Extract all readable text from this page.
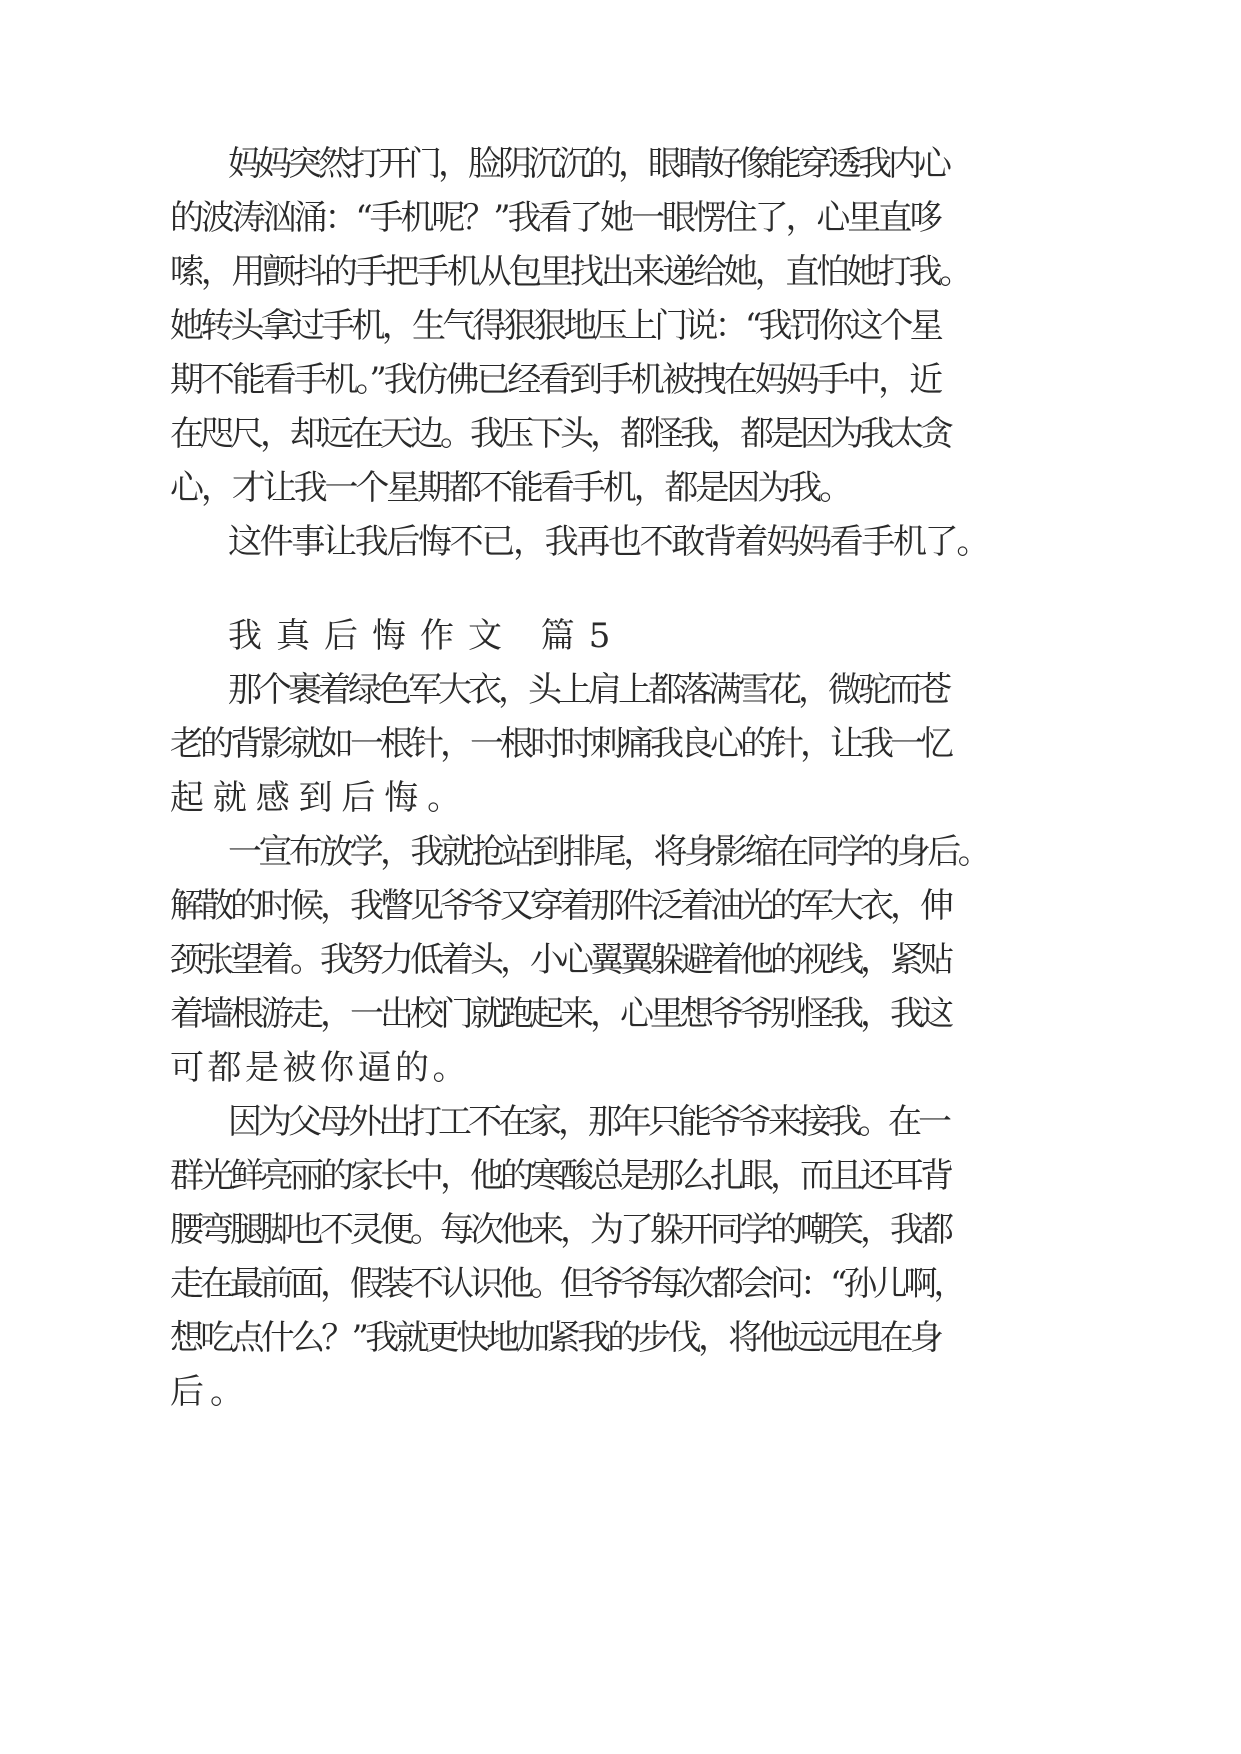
妈妈突然打开门，脸阴沉沉的，眼睛好像能穿透我内心
的波涛汹涌：“手机呢？”我看了她一眼愣住了，心里直哆
嗦，用颤抖的手把手机从包里找出来递给她，直怕她打我。
她转头拿过手机，生气得狠狠地压上门说：“我罚你这个星
期不能看手机。”我仿佛已经看到手机被拽在妈妈手中，近
在咫尺，却远在天边。我压下头，都怪我，都是因为我太贪
心，才让我一个星期都不能看手机，都是因为我。
这件事让我后悔不已，我再也不敢背着妈妈看手机了。
我真后悔作文 篇5
那个裹着绿色军大衣，头上肩上都落满雪花，微驼而苍
老的背影就如一根针，一根时时刺痛我良心的针，让我一忆
起就感到后悔。
一宣布放学，我就抢站到排尾，将身影缩在同学的身后。
解散的时候，我瞥见爷爷又穿着那件泛着油光的军大衣，伸
颈张望着。我努力低着头，小心翼翼躲避着他的视线，紧贴
着墙根游走，一出校门就跑起来，心里想爷爷别怪我，我这
可都是被你逼的。
因为父母外出打工不在家，那年只能爷爷来接我。在一
群光鲜亮丽的家长中，他的寒酸总是那么扎眼，而且还耳背
腰弯腿脚也不灵便。每次他来，为了躲开同学的嘲笑，我都
走在最前面，假装不认识他。但爷爷每次都会问：“孙儿啊，
想吃点什么？”我就更快地加紧我的步伐，将他远远甩在身
后。
